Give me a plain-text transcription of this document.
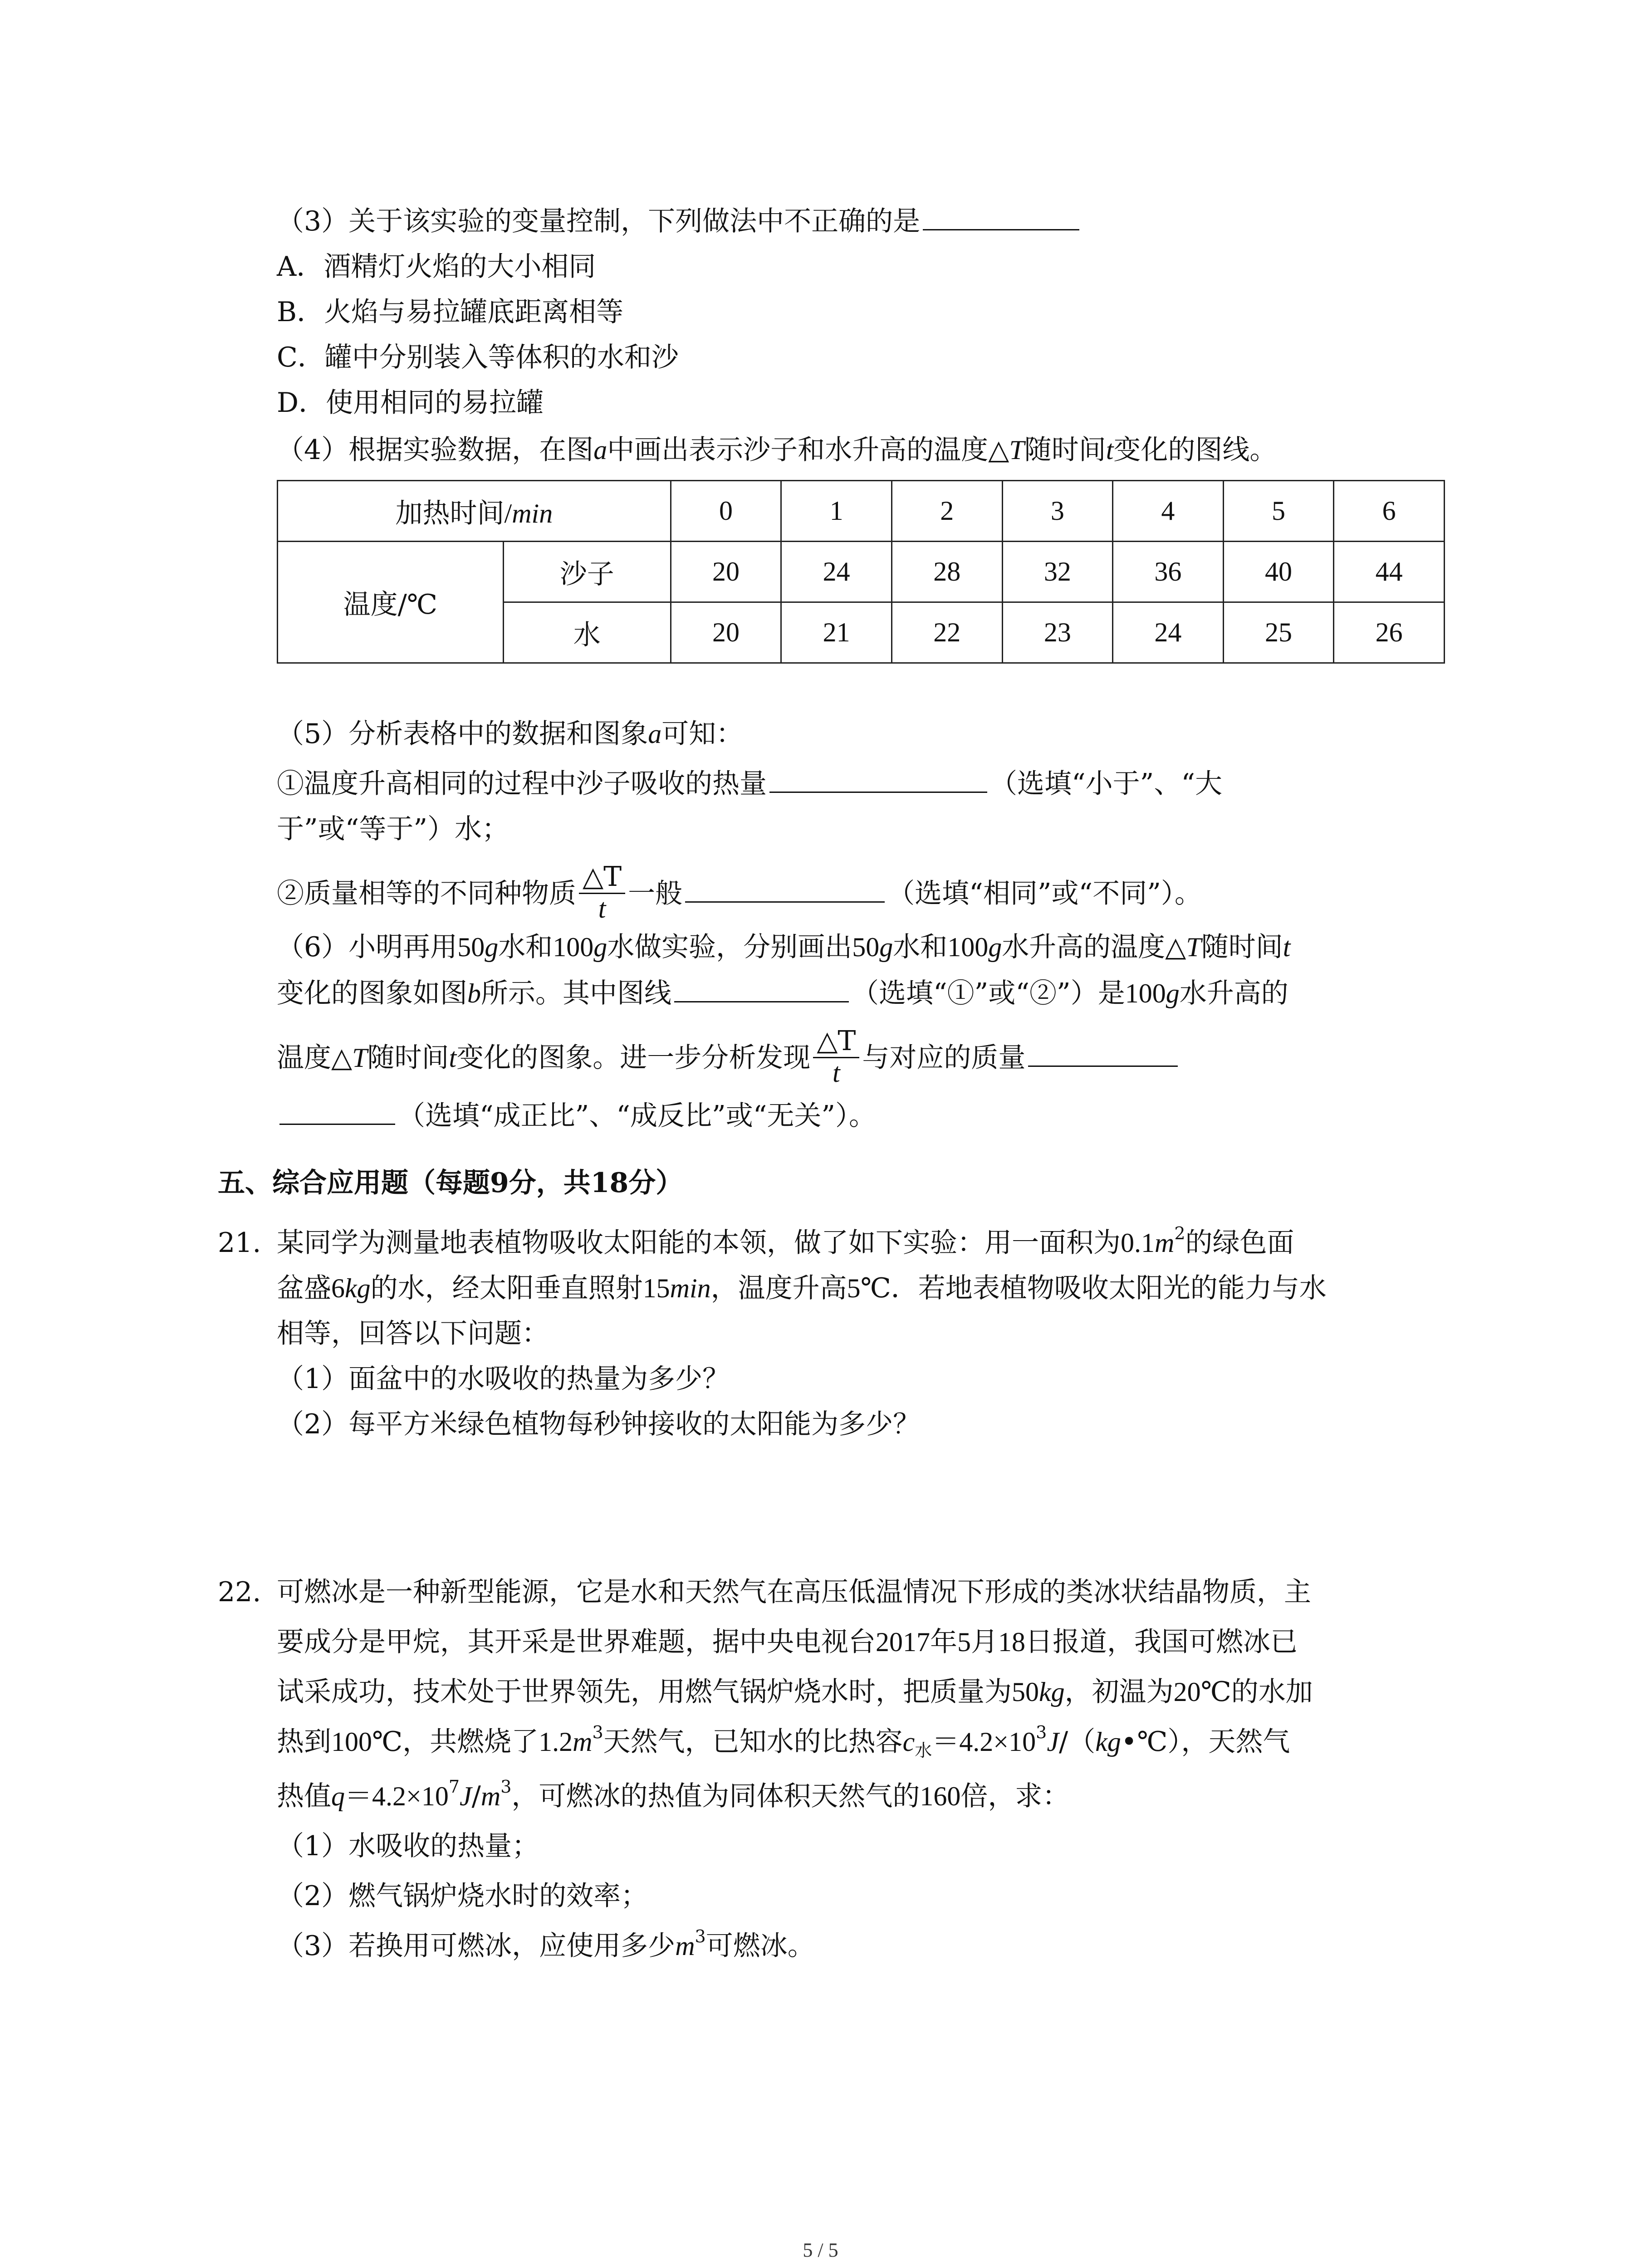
（3）关于该实验的变量控制，下列做法中不正确的是
A．酒精灯火焰的大小相同
B．火焰与易拉罐底距离相等
C．罐中分别装入等体积的水和沙
D．使用相同的易拉罐
（4）根据实验数据，在图a中画出表示沙子和水升高的温度△T随时间t变化的图线。
加热时间/min		0	1	2	3	4	5	6
温度/℃	沙子	20	24	28	32	36	40	44
	水	20	21	22	23	24	25	26
（5）分析表格中的数据和图象a可知：
①温度升高相同的过程中沙子吸收的热量	（选填“小于”、“大
于”或“等于”）水；
②质量相等的不同种物质 $\frac{\triangle T}{t}$ 一般	（选填“相同”或“不同”）。
（6）小明再用50g水和100g水做实验，分别画出50g水和100g水升高的温度△T随时间t
变化的图象如图b所示。其中图线	（选填“①”或“②”）是100g水升高的
温度△T随时间t变化的图象。进一步分析发现 $\frac{\triangle T}{t}$ 与对应的质量
（选填“成正比”、“成反比”或“无关”）。
五、综合应用题（每题9分，共18分）
21. 某同学为测量地表植物吸收太阳能的本领，做了如下实验：用一面积为$0.1m^2$的绿色面
盆盛6kg的水，经太阳垂直照射15min，温度升高5℃．若地表植物吸收太阳光的能力与水
相等，回答以下问题：
（1）面盆中的水吸收的热量为多少？
（2）每平方米绿色植物每秒钟接收的太阳能为多少？
22. 可燃冰是一种新型能源，它是水和天然气在高压低温情况下形成的类冰状结晶物质，主
要成分是甲烷，其开采是世界难题，据中央电视台2017年5月18日报道，我国可燃冰已
试采成功，技术处于世界领先，用燃气锅炉烧水时，把质量为50kg，初温为20℃的水加
热到100℃，共燃烧了$1.2m^3$天然气，已知水的比热容$c_水=4.2\times 10^3J/(kg•℃)$，天然气
热值$q=4.2\times 10^7J/m^3$，可燃冰的热值为同体积天然气的160倍，求：
（1）水吸收的热量；
（2）燃气锅炉烧水时的效率；
（3）若换用可燃冰，应使用多少$m^3$可燃冰。
5 / 5
